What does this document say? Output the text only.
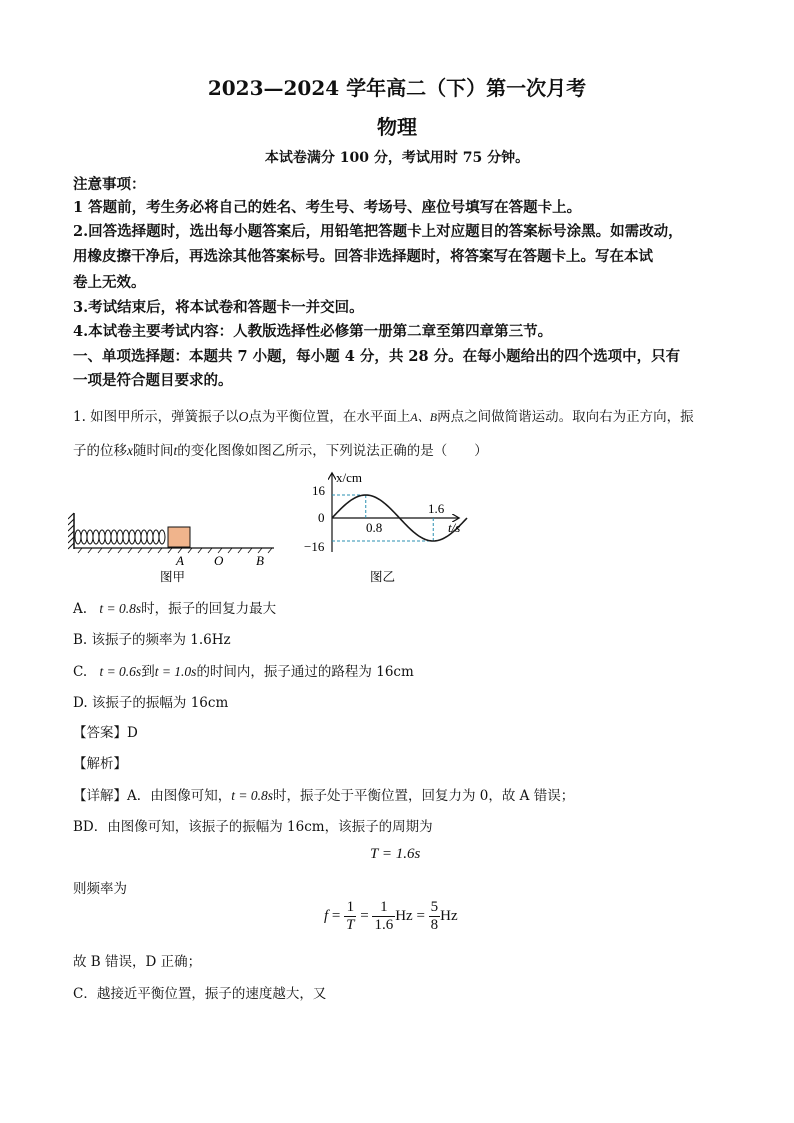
2023—2024 学年高二（下）第一次月考
物理
本试卷满分 100 分，考试用时 75 分钟。
注意事项：
1 答题前，考生务必将自己的姓名、考生号、考场号、座位号填写在答题卡上。
2.回答选择题时，选出每小题答案后，用铅笔把答题卡上对应题目的答案标号涂黑。如需改动，
用橡皮擦干净后，再选涂其他答案标号。回答非选择题时，将答案写在答题卡上。写在本试
卷上无效。
3.考试结束后，将本试卷和答题卡一并交回。
4.本试卷主要考试内容：人教版选择性必修第一册第二章至第四章第三节。
一、单项选择题：本题共 7 小题，每小题 4 分，共 28 分。在每小题给出的四个选项中，只有
一项是符合题目要求的。
1. 如图甲所示，弹簧振子以O点为平衡位置，在水平面上A、B两点之间做简谐运动。取向右为正方向，振
子的位移x随时间t的变化图像如图乙所示，下列说法正确的是（　　）
A O	B
图甲
x/cm
16
0
−16
0.8
1.6
t/s
图乙
A. t = 0.8s时，振子的回复力最大
B. 该振子的频率为 1.6Hz
C. t = 0.6s到t = 1.0s的时间内，振子通过的路程为 16cm
D. 该振子的振幅为 16cm
【答案】D
【解析】
【详解】A．由图像可知，t = 0.8s时，振子处于平衡位置，回复力为 0，故 A 错误；
BD．由图像可知，该振子的振幅为 16cm，该振子的周期为
T = 1.6s
则频率为
$f = \frac{1}{T} = \frac{1}{1.6}$ $Hz = \frac{5}{8}$ Hz
故 B 错误，D 正确；
C．越接近平衡位置，振子的速度越大，又
